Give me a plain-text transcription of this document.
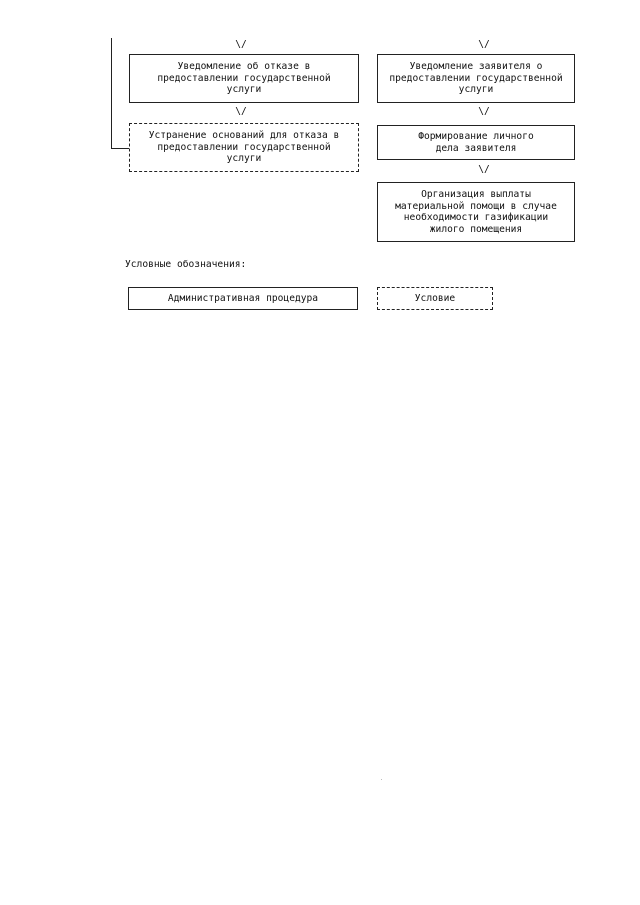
\/	\/
Уведомление об отказе в
предоставлении государственной
услуги
\/
Устранение оснований для отказа в
предоставлении государственной
услуги
Уведомление заявителя о
предоставлении государственной
услуги
\/
Формирование личного
дела заявителя
\/
Организация выплаты
материальной помощи в случае
необходимости газификации
жилого помещения
Условные обозначения:
Административная процедура	Условие
